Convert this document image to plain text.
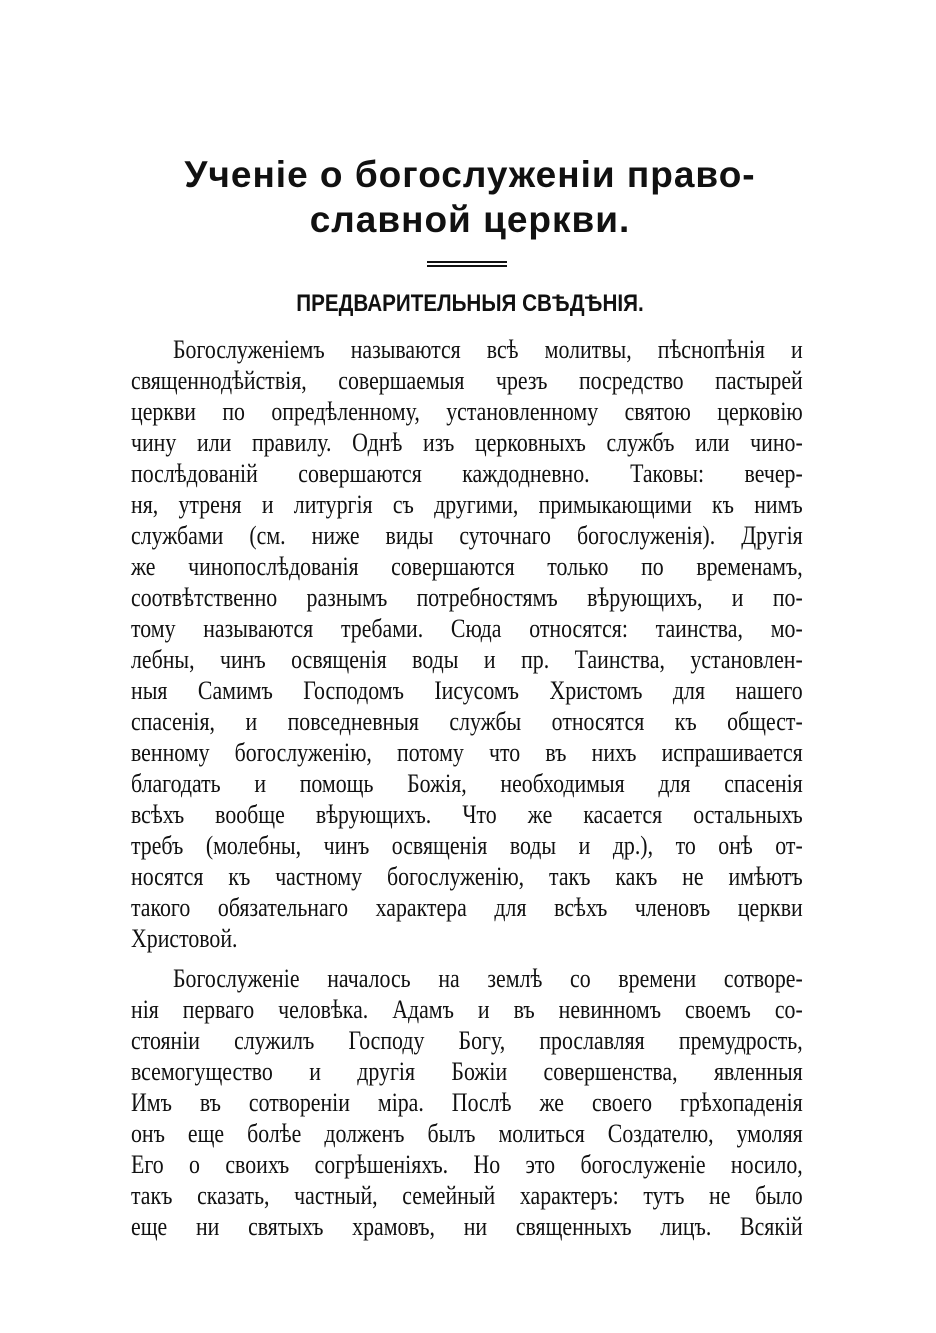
Ученіе о богослуженіи право-
славной церкви.
ПРЕДВАРИТЕЛЬНЫЯ СВѢДѢНІЯ.
Богослуженіемъ называются всѣ молитвы, пѣснопѣнія и
священнодѣйствія, совершаемыя чрезъ посредство пастырей
церкви по опредѣленному, установленному святою церковію
чину или правилу. Однѣ изъ церковныхъ службъ или чино-
послѣдованій совершаются каждодневно. Таковы: вечер-
ня, утреня и литургія съ другими, примыкающими къ нимъ
службами (см. ниже виды суточнаго богослуженія). Другія
же чинопослѣдованія совершаются только по временамъ,
соотвѣтственно разнымъ потребностямъ вѣрующихъ, и по-
тому называются требами. Сюда относятся: таинства, мо-
лебны, чинъ освященія воды и пр. Таинства, установлен-
ныя Самимъ Господомъ Іисусомъ Христомъ для нашего
спасенія, и повседневныя службы относятся къ общест-
венному богослуженію, потому что въ нихъ испрашивается
благодать и помощь Божія, необходимыя для спасенія
всѣхъ вообще вѣрующихъ. Что же касается остальныхъ
требъ (молебны, чинъ освященія воды и др.), то онѣ от-
носятся къ частному богослуженію, такъ какъ не имѣютъ
такого обязательнаго характера для всѣхъ членовъ церкви
Христовой.
Богослуженіе началось на землѣ со времени сотворе-
нія перваго человѣка. Адамъ и въ невинномъ своемъ со-
стояніи служилъ Господу Богу, прославляя премудрость,
всемогущество и другія Божіи совершенства, явленныя
Имъ въ сотвореніи міра. Послѣ же своего грѣхопаденія
онъ еще болѣе долженъ былъ молиться Создателю, умоляя
Его о своихъ согрѣшеніяхъ. Но это богослуженіе носило,
такъ сказать, частный, семейный характеръ: тутъ не было
еще ни святыхъ храмовъ, ни священныхъ лицъ. Всякій
